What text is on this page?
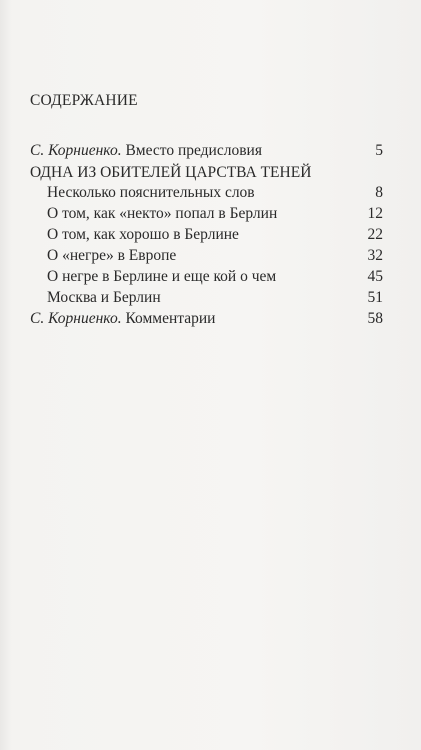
СОДЕРЖАНИЕ
С. Корниенко. Вместо предисловия	5
ОДНА ИЗ ОБИТЕЛЕЙ ЦАРСТВА ТЕНЕЙ
Несколько пояснительных слов	8
О том, как «некто» попал в Берлин	12
О том, как хорошо в Берлине	22
О «негре» в Европе	32
О негре в Берлине и еще кой о чем	45
Москва и Берлин	51
С. Корниенко. Комментарии	58
